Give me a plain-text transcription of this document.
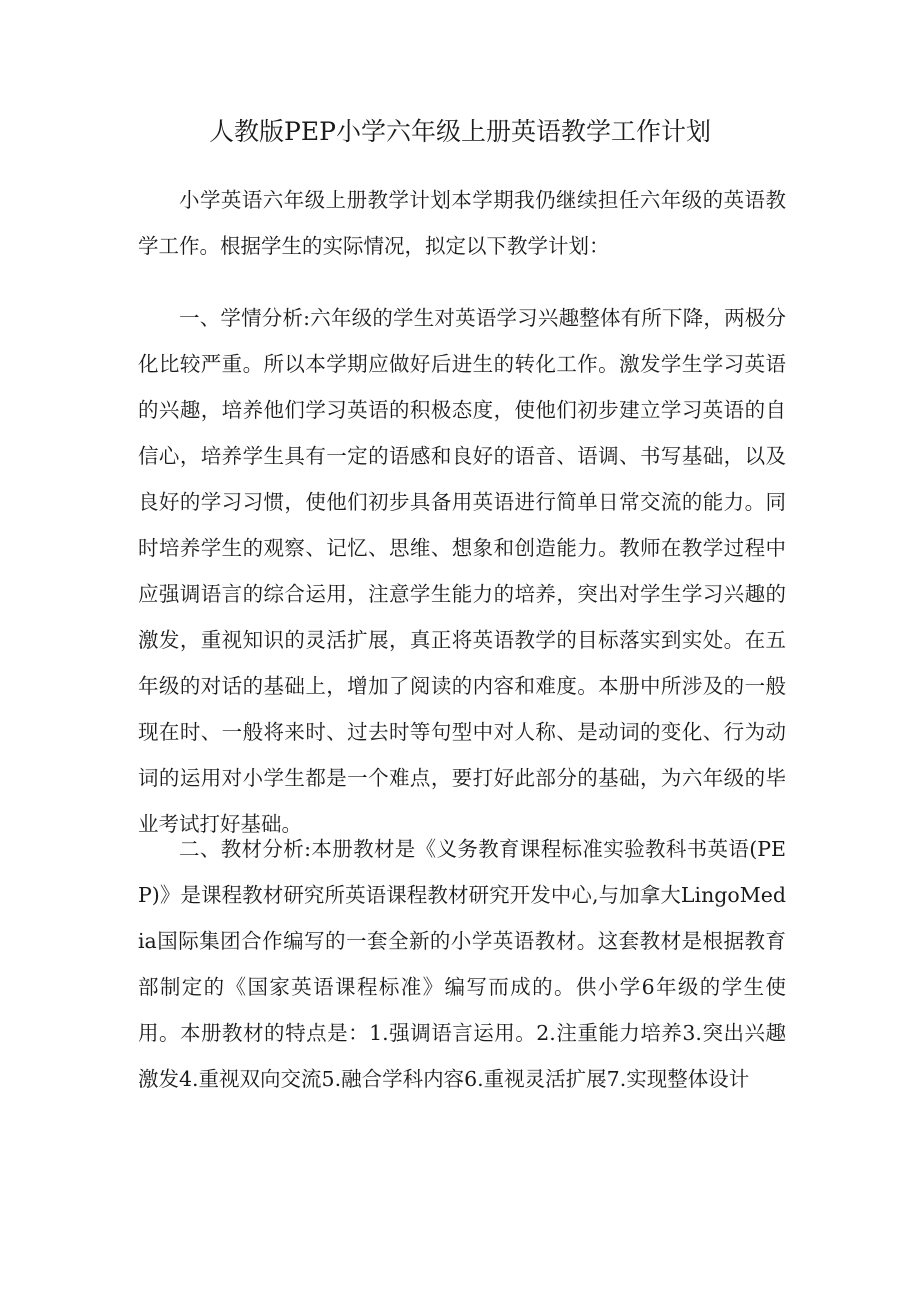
人教版PEP小学六年级上册英语教学工作计划

小学英语六年级上册教学计划本学期我仍继续担任六年级的英语教学工作。根据学生的实际情况，拟定以下教学计划：

一、学情分析:六年级的学生对英语学习兴趣整体有所下降，两极分化比较严重。所以本学期应做好后进生的转化工作。激发学生学习英语的兴趣，培养他们学习英语的积极态度，使他们初步建立学习英语的自信心，培养学生具有一定的语感和良好的语音、语调、书写基础，以及良好的学习习惯，使他们初步具备用英语进行简单日常交流的能力。同时培养学生的观察、记忆、思维、想象和创造能力。教师在教学过程中应强调语言的综合运用，注意学生能力的培养，突出对学生学习兴趣的激发，重视知识的灵活扩展，真正将英语教学的目标落实到实处。在五年级的对话的基础上，增加了阅读的内容和难度。本册中所涉及的一般现在时、一般将来时、过去时等句型中对人称、是动词的变化、行为动词的运用对小学生都是一个难点，要打好此部分的基础，为六年级的毕业考试打好基础。

二、教材分析:本册教材是《义务教育课程标准实验教科书英语(PEP)》是课程教材研究所英语课程教材研究开发中心,与加拿大LingoMedia国际集团合作编写的一套全新的小学英语教材。这套教材是根据教育部制定的《国家英语课程标准》编写而成的。供小学6年级的学生使用。本册教材的特点是：1.强调语言运用。2.注重能力培养3.突出兴趣激发4.重视双向交流5.融合学科内容6.重视灵活扩展7.实现整体设计
